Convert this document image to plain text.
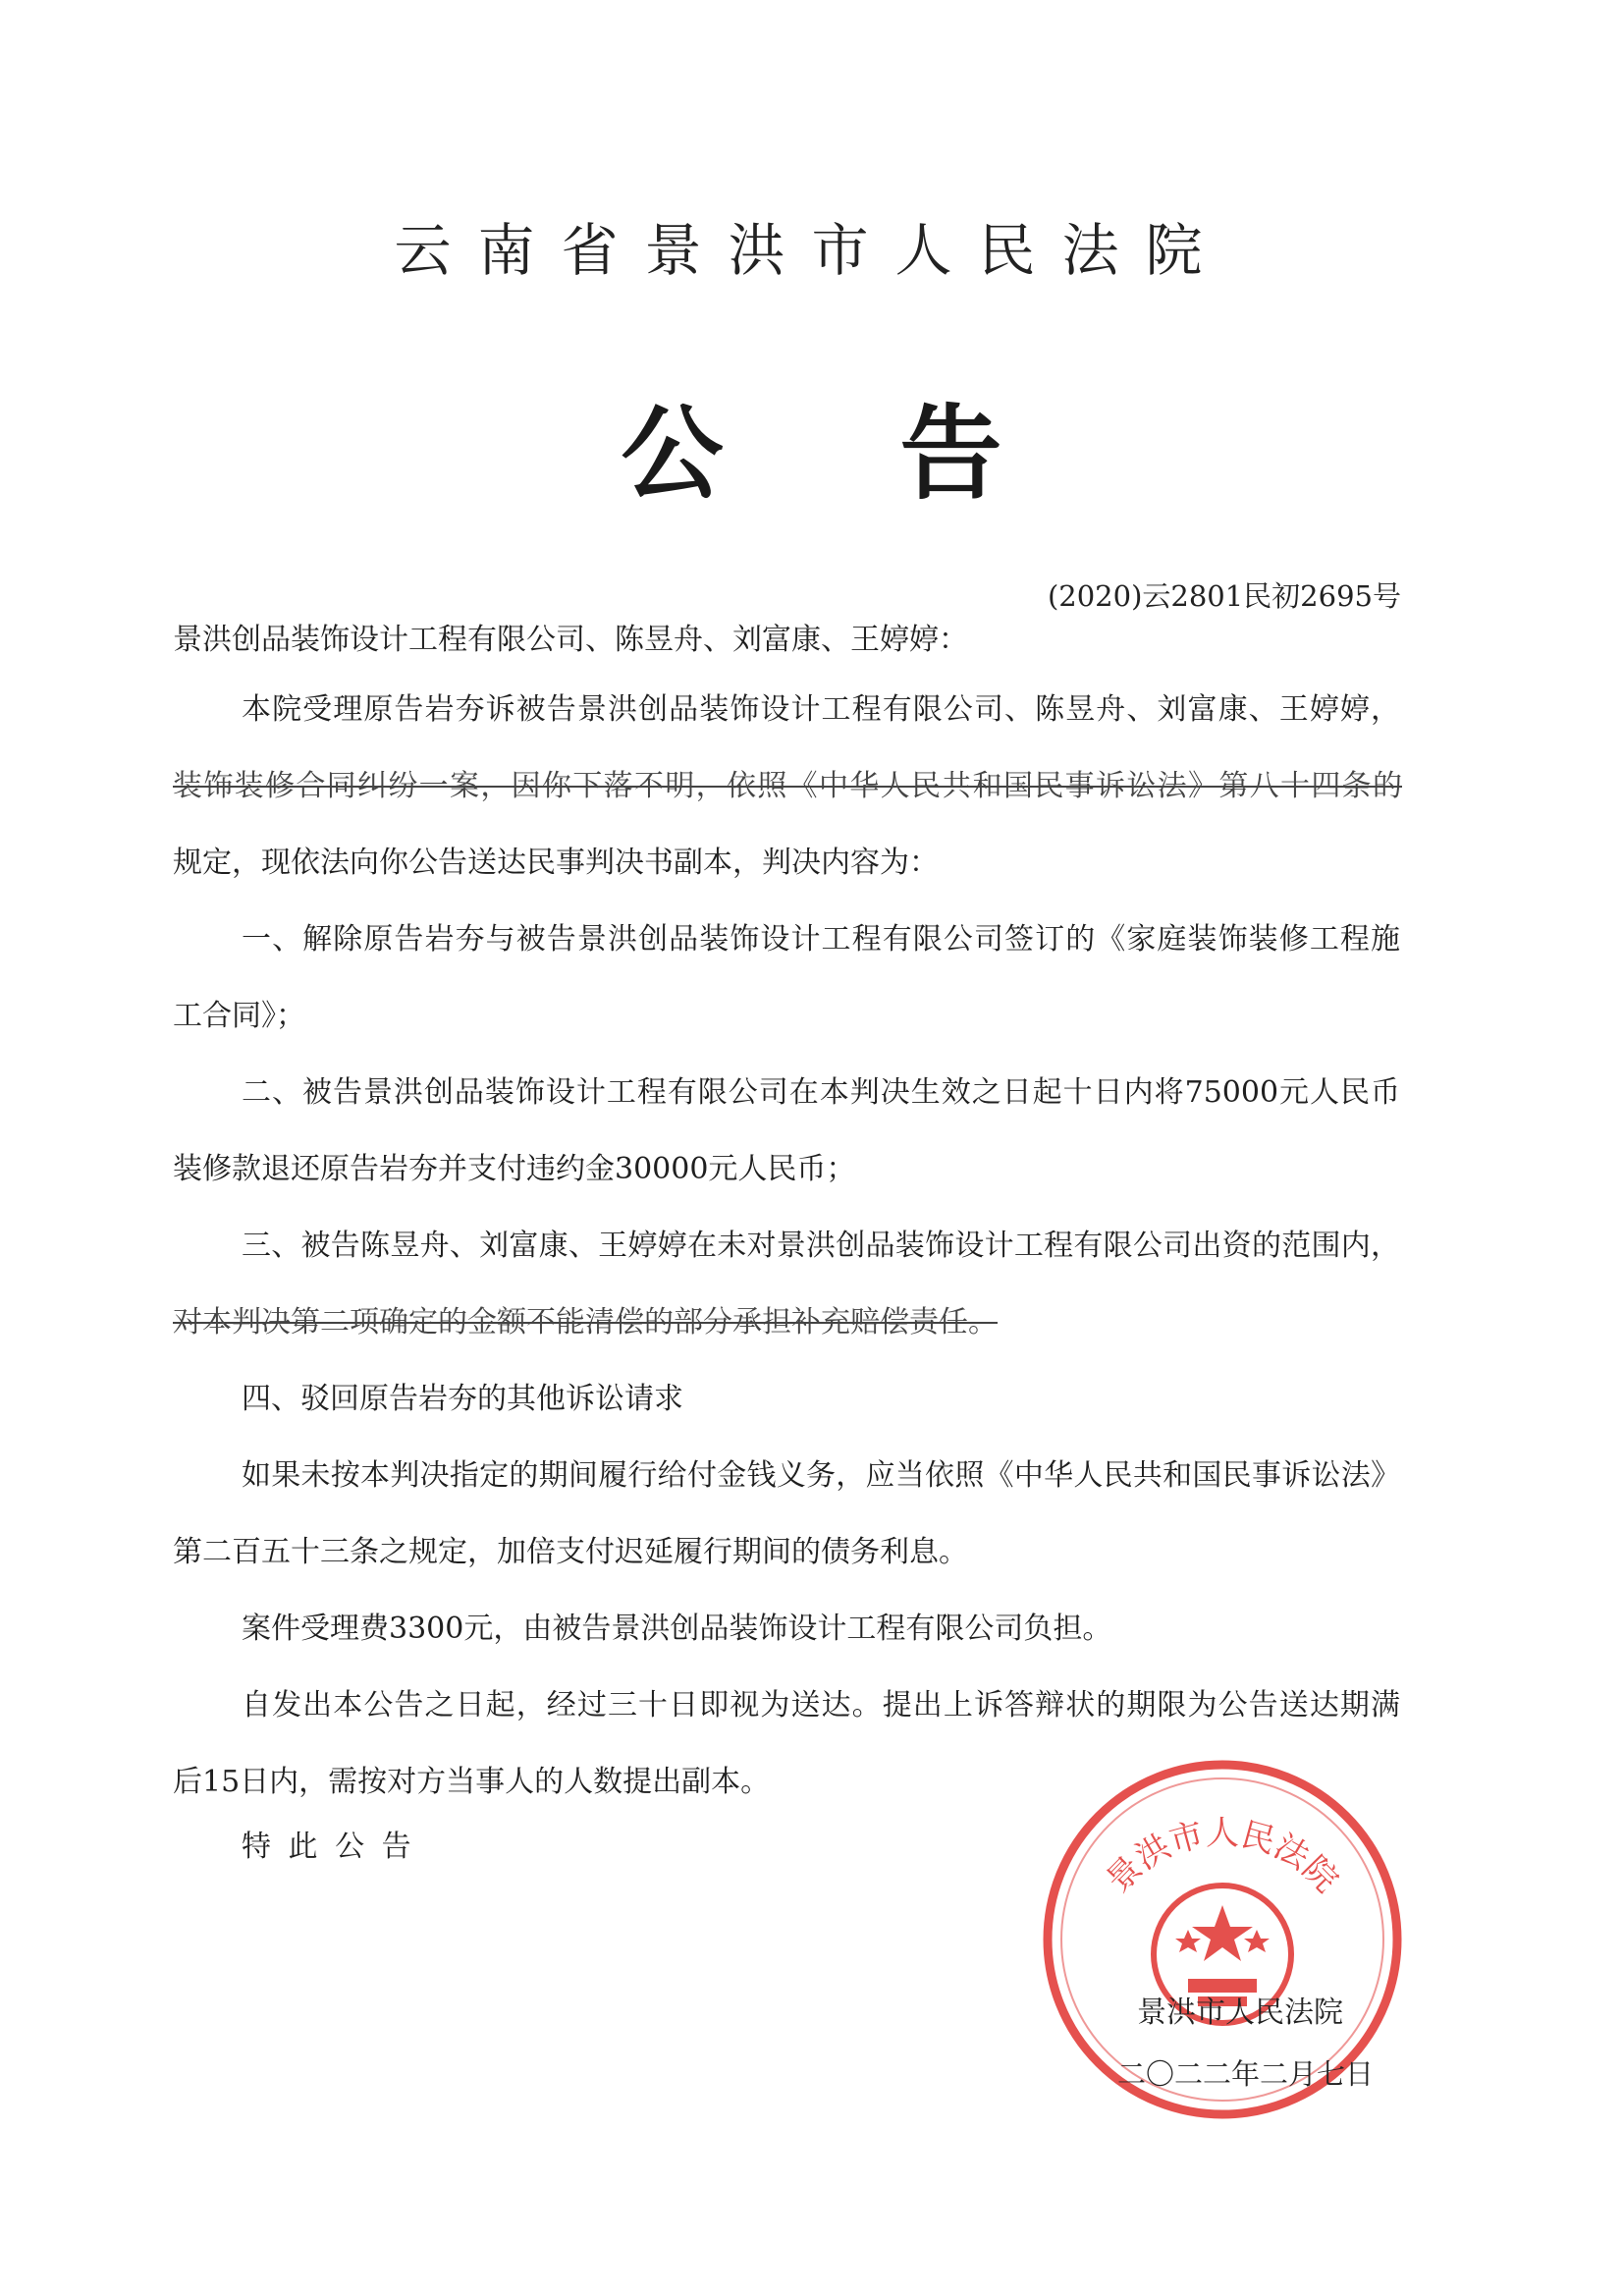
云南省景洪市人民法院
公告
(2020)云2801民初2695号

景洪创品装饰设计工程有限公司、陈昱舟、刘富康、王婷婷：

本院受理原告岩夯诉被告景洪创品装饰设计工程有限公司、陈昱舟、刘富康、王婷婷，

装饰装修合同纠纷一案，因你下落不明，依照《中华人民共和国民事诉讼法》第八十四条的

规定，现依法向你公告送达民事判决书副本，判决内容为：

一、解除原告岩夯与被告景洪创品装饰设计工程有限公司签订的《家庭装饰装修工程施

工合同》；

二、被告景洪创品装饰设计工程有限公司在本判决生效之日起十日内将75000元人民币

装修款退还原告岩夯并支付违约金30000元人民币；

三、被告陈昱舟、刘富康、王婷婷在未对景洪创品装饰设计工程有限公司出资的范围内，

对本判决第二项确定的金额不能清偿的部分承担补充赔偿责任。

四、驳回原告岩夯的其他诉讼请求

如果未按本判决指定的期间履行给付金钱义务，应当依照《中华人民共和国民事诉讼法》

第二百五十三条之规定，加倍支付迟延履行期间的债务利息。

案件受理费3300元，由被告景洪创品装饰设计工程有限公司负担。

自发出本公告之日起，经过三十日即视为送达。提出上诉答辩状的期限为公告送达期满

后15日内，需按对方当事人的人数提出副本。

特 此 公 告

景洪市人民法院
景洪市人民法院
二〇二二年二月七日
